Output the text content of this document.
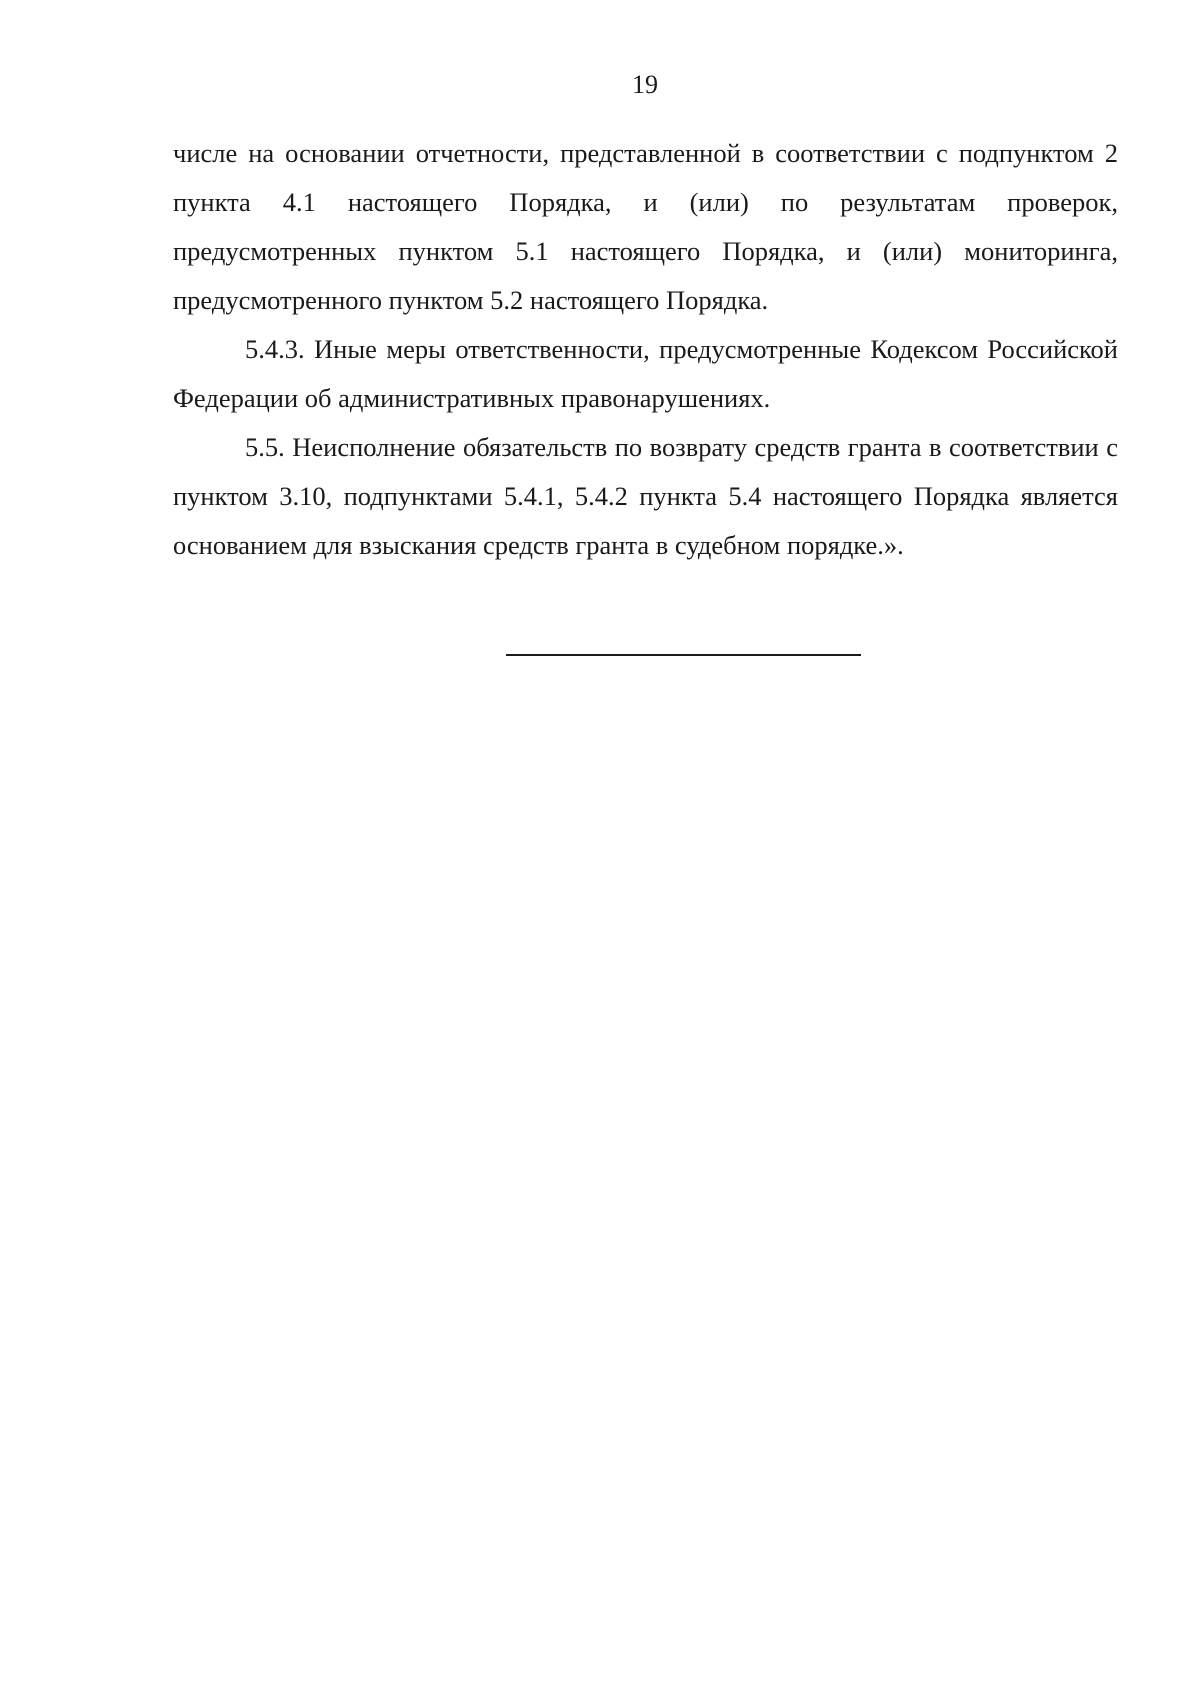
19

числе на основании отчетности, представленной в соответствии с подпунктом 2 пункта 4.1 настоящего Порядка, и (или) по результатам проверок, предусмотренных пунктом 5.1 настоящего Порядка, и (или) мониторинга, предусмотренного пунктом 5.2 настоящего Порядка.

5.4.3. Иные меры ответственности, предусмотренные Кодексом Российской Федерации об административных правонарушениях.

5.5. Неисполнение обязательств по возврату средств гранта в соответствии с пунктом 3.10, подпунктами 5.4.1, 5.4.2 пункта 5.4 настоящего Порядка является основанием для взыскания средств гранта в судебном порядке.».
